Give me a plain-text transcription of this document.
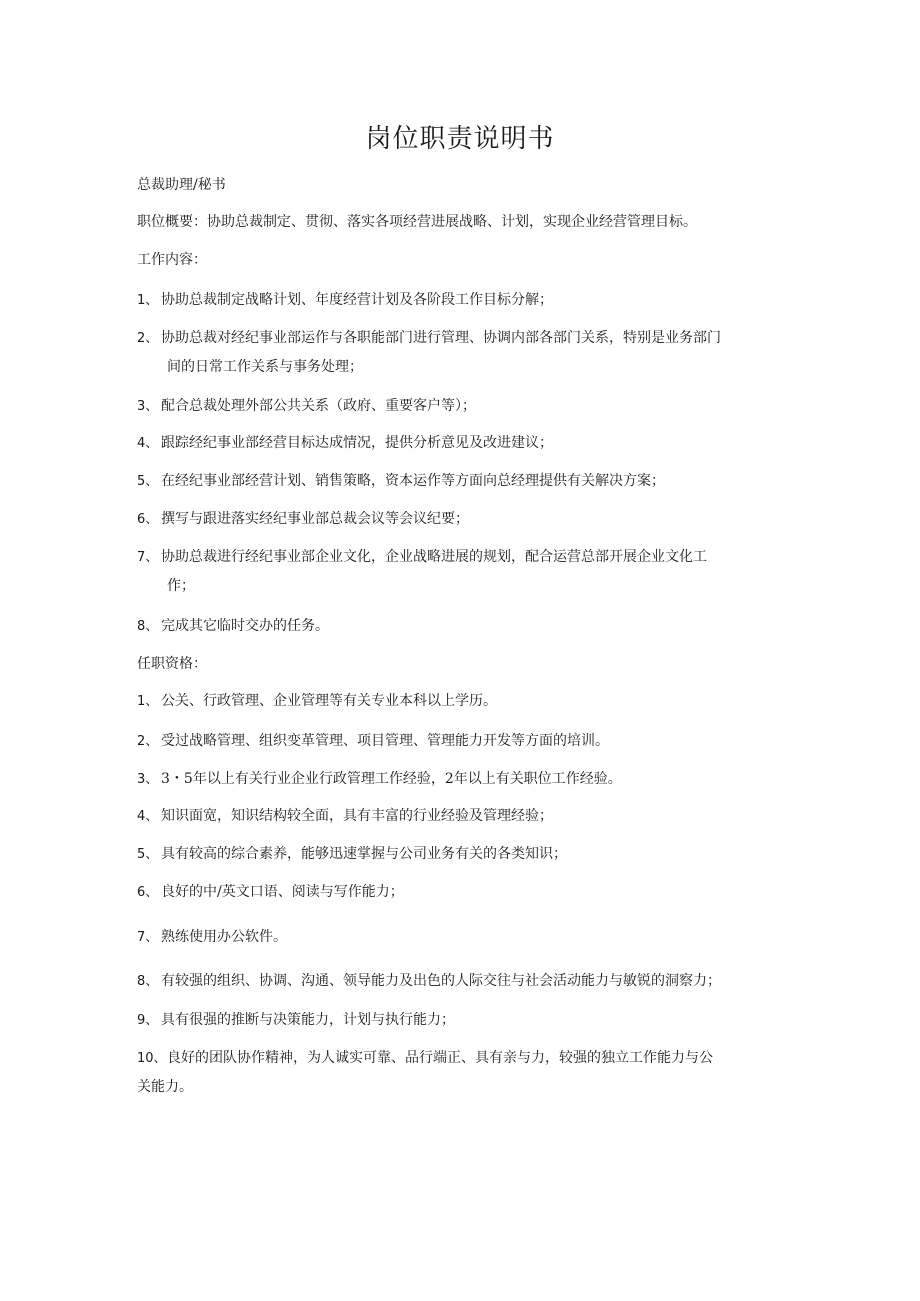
岗位职责说明书
总裁助理/秘书
职位概要：协助总裁制定、贯彻、落实各项经营进展战略、计划，实现企业经营管理目标。
工作内容：
1、 协助总裁制定战略计划、年度经营计划及各阶段工作目标分解；
2、 协助总裁对经纪事业部运作与各职能部门进行管理、协调内部各部门关系，特别是业务部门
间的日常工作关系与事务处理；
3、 配合总裁处理外部公共关系（政府、重要客户等）；
4、 跟踪经纪事业部经营目标达成情况，提供分析意见及改进建议；
5、 在经纪事业部经营计划、销售策略，资本运作等方面向总经理提供有关解决方案；
6、 撰写与跟进落实经纪事业部总裁会议等会议纪要；
7、 协助总裁进行经纪事业部企业文化，企业战略进展的规划，配合运营总部开展企业文化工
作；
8、 完成其它临时交办的任务。
任职资格：
1、 公关、行政管理、企业管理等有关专业本科以上学历。
2、 受过战略管理、组织变革管理、项目管理、管理能力开发等方面的培训。
3、 3・5年以上有关行业企业行政管理工作经验，2年以上有关职位工作经验。
4、 知识面宽，知识结构较全面，具有丰富的行业经验及管理经验；
5、 具有较高的综合素养，能够迅速掌握与公司业务有关的各类知识；
6、 良好的中/英文口语、阅读与写作能力；
7、 熟练使用办公软件。
8、 有较强的组织、协调、沟通、领导能力及出色的人际交往与社会活动能力与敏锐的洞察力；
9、 具有很强的推断与决策能力，计划与执行能力；
10、良好的团队协作精神，为人诚实可靠、品行端正、具有亲与力，较强的独立工作能力与公
关能力。
